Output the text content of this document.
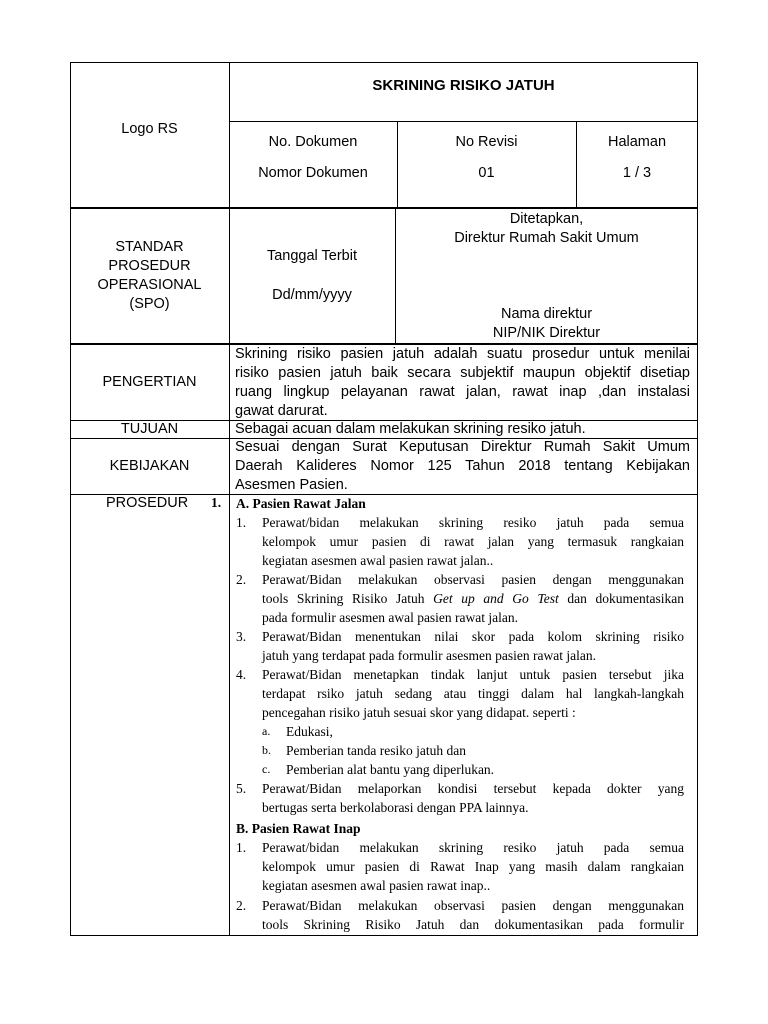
Logo RS
SKRINING RISIKO JATUH
No. Dokumen
Nomor Dokumen
No Revisi
01
Halaman
1 / 3
STANDAR
PROSEDUR
OPERASIONAL
(SPO)
Tanggal Terbit
Dd/mm/yyyy
Ditetapkan,
Direktur Rumah Sakit Umum
Nama direktur
NIP/NIK Direktur
PENGERTIAN
Skrining risiko pasien jatuh adalah suatu prosedur untuk menilai
risiko pasien jatuh baik secara subjektif maupun objektif disetiap
ruang lingkup pelayanan rawat jalan, rawat inap ,dan instalasi
gawat darurat.
TUJUAN	Sebagai acuan dalam melakukan skrining resiko jatuh.
KEBIJAKAN
Sesuai dengan Surat Keputusan Direktur Rumah Sakit Umum
Daerah Kalideres Nomor 125 Tahun 2018 tentang Kebijakan
Asesmen Pasien.
PROSEDUR 1. A. Pasien Rawat Jalan
1. Perawat/bidan melakukan skrining resiko jatuh pada semua
kelompok umur pasien di rawat jalan yang termasuk rangkaian
kegiatan asesmen awal pasien rawat jalan..
2. Perawat/Bidan melakukan observasi pasien dengan menggunakan
tools Skrining Risiko Jatuh Get up and Go Test dan dokumentasikan
pada formulir asesmen awal pasien rawat jalan.
3. Perawat/Bidan menentukan nilai skor pada kolom skrining risiko
jatuh yang terdapat pada formulir asesmen pasien rawat jalan.
4. Perawat/Bidan menetapkan tindak lanjut untuk pasien tersebut jika
terdapat rsiko jatuh sedang atau tinggi dalam hal langkah-langkah
pencegahan risiko jatuh sesuai skor yang didapat. seperti :
a. Edukasi,
b. Pemberian tanda resiko jatuh dan
c. Pemberian alat bantu yang diperlukan.
5. Perawat/Bidan melaporkan kondisi tersebut kepada dokter yang
bertugas serta berkolaborasi dengan PPA lainnya.
B. Pasien Rawat Inap
1. Perawat/bidan melakukan skrining resiko jatuh pada semua
kelompok umur pasien di Rawat Inap yang masih dalam rangkaian
kegiatan asesmen awal pasien rawat inap..
2. Perawat/Bidan melakukan observasi pasien dengan menggunakan
tools Skrining Risiko Jatuh dan dokumentasikan pada formulir
